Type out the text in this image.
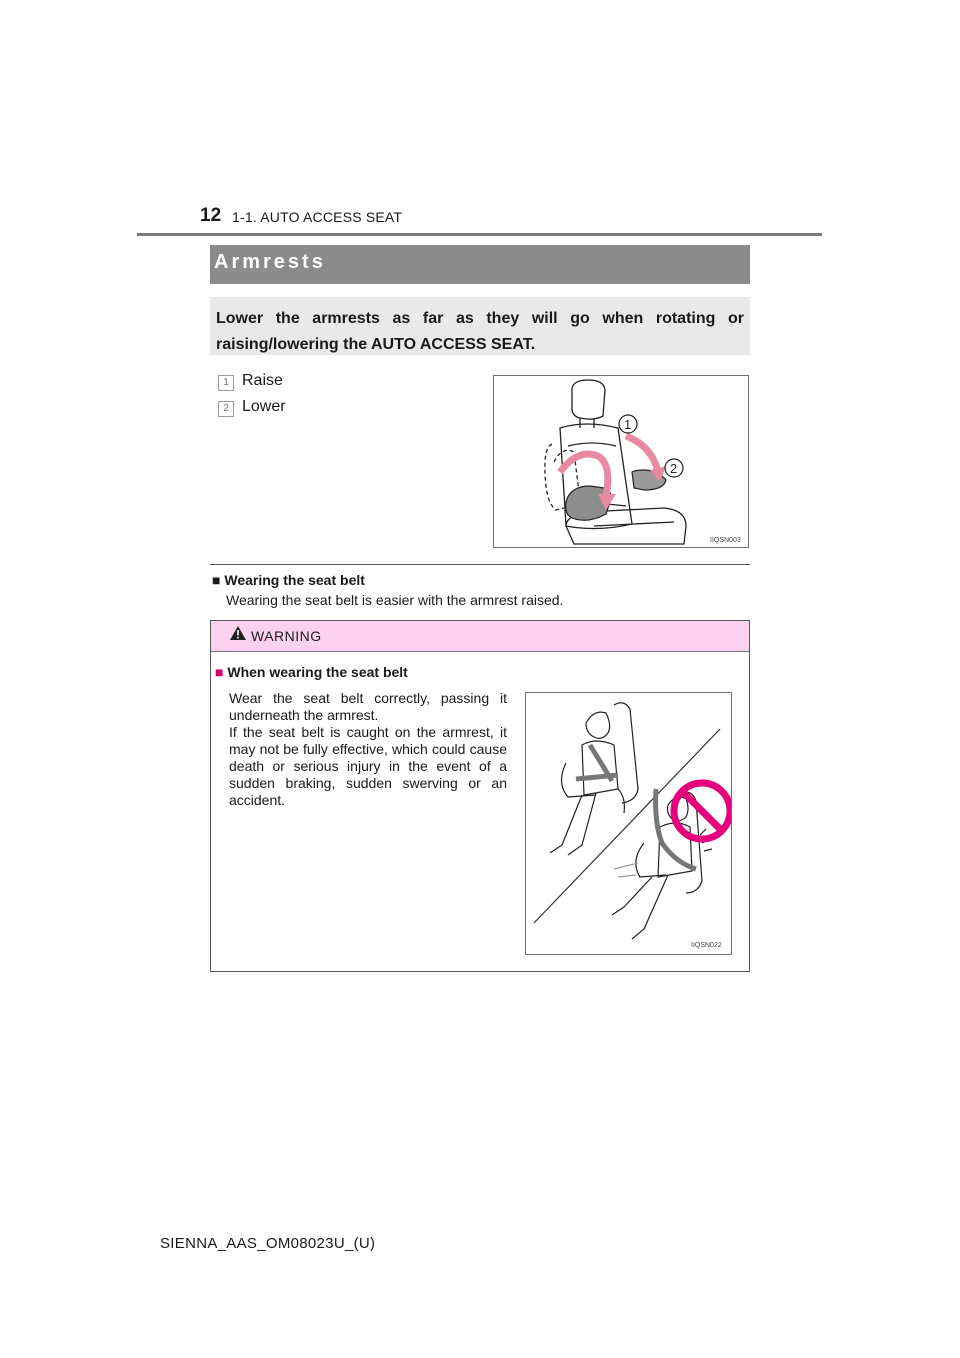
12 1-1. AUTO ACCESS SEAT
Armrests
Lower the armrests as far as they will go when rotating or raising/lowering the AUTO ACCESS SEAT.
1 Raise
2 Lower
1
2
IIQSN003
■ Wearing the seat belt
Wearing the seat belt is easier with the armrest raised.
WARNING
■ When wearing the seat belt
Wear the seat belt correctly, passing it underneath the armrest.
If the seat belt is caught on the armrest, it may not be fully effective, which could cause death or serious injury in the event of a sudden braking, sudden swerving or an accident.
IIQSN022
SIENNA_AAS_OM08023U_(U)
